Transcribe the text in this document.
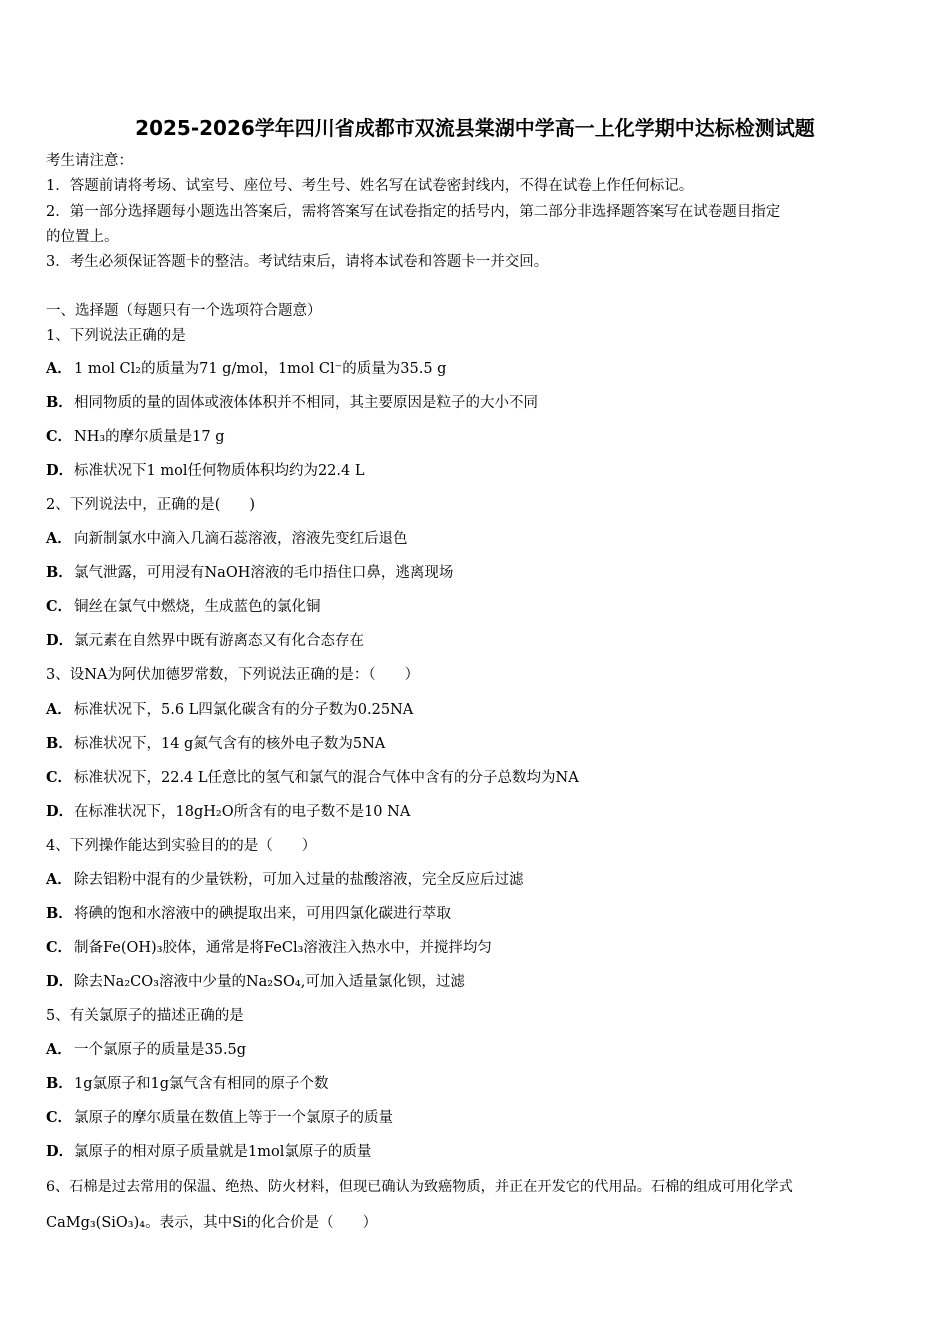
2025-2026学年四川省成都市双流县棠湖中学高一上化学期中达标检测试题
考生请注意：
1．答题前请将考场、试室号、座位号、考生号、姓名写在试卷密封线内，不得在试卷上作任何标记。
2．第一部分选择题每小题选出答案后，需将答案写在试卷指定的括号内，第二部分非选择题答案写在试卷题目指定
的位置上。
3．考生必须保证答题卡的整洁。考试结束后，请将本试卷和答题卡一并交回。
一、选择题（每题只有一个选项符合题意）
1、下列说法正确的是
A． 1 mol Cl₂的质量为71 g/mol，1mol Cl⁻的质量为35.5 g
B．相同物质的量的固体或液体体积并不相同，其主要原因是粒子的大小不同
C． NH₃的摩尔质量是17 g
D．标准状况下1 mol任何物质体积均约为22.4 L
2、下列说法中，正确的是(　　)
A． 向新制氯水中滴入几滴石蕊溶液，溶液先变红后退色
B．氯气泄露，可用浸有NaOH溶液的毛巾捂住口鼻，逃离现场
C． 铜丝在氯气中燃烧，生成蓝色的氯化铜
D．氯元素在自然界中既有游离态又有化合态存在
3、设NA为阿伏加德罗常数，下列说法正确的是：（　　）
A． 标准状况下，5.6 L四氯化碳含有的分子数为0.25NA
B．标准状况下，14 g氮气含有的核外电子数为5NA
C． 标准状况下，22.4 L任意比的氢气和氯气的混合气体中含有的分子总数均为NA
D．在标准状况下，18gH₂O所含有的电子数不是10 NA
4、下列操作能达到实验目的的是（　　）
A． 除去铝粉中混有的少量铁粉，可加入过量的盐酸溶液，完全反应后过滤
B．将碘的饱和水溶液中的碘提取出来，可用四氯化碳进行萃取
C． 制备Fe(OH)₃胶体，通常是将FeCl₃溶液注入热水中，并搅拌均匀
D．除去Na₂CO₃溶液中少量的Na₂SO₄,可加入适量氯化钡，过滤
5、有关氯原子的描述正确的是
A． 一个氯原子的质量是35.5g
B．1g氯原子和1g氯气含有相同的原子个数
C． 氯原子的摩尔质量在数值上等于一个氯原子的质量
D．氯原子的相对原子质量就是1mol氯原子的质量
6、石棉是过去常用的保温、绝热、防火材料，但现已确认为致癌物质，并正在开发它的代用品。石棉的组成可用化学式
CaMg₃(SiO₃)₄。表示，其中Si的化合价是（　　）
